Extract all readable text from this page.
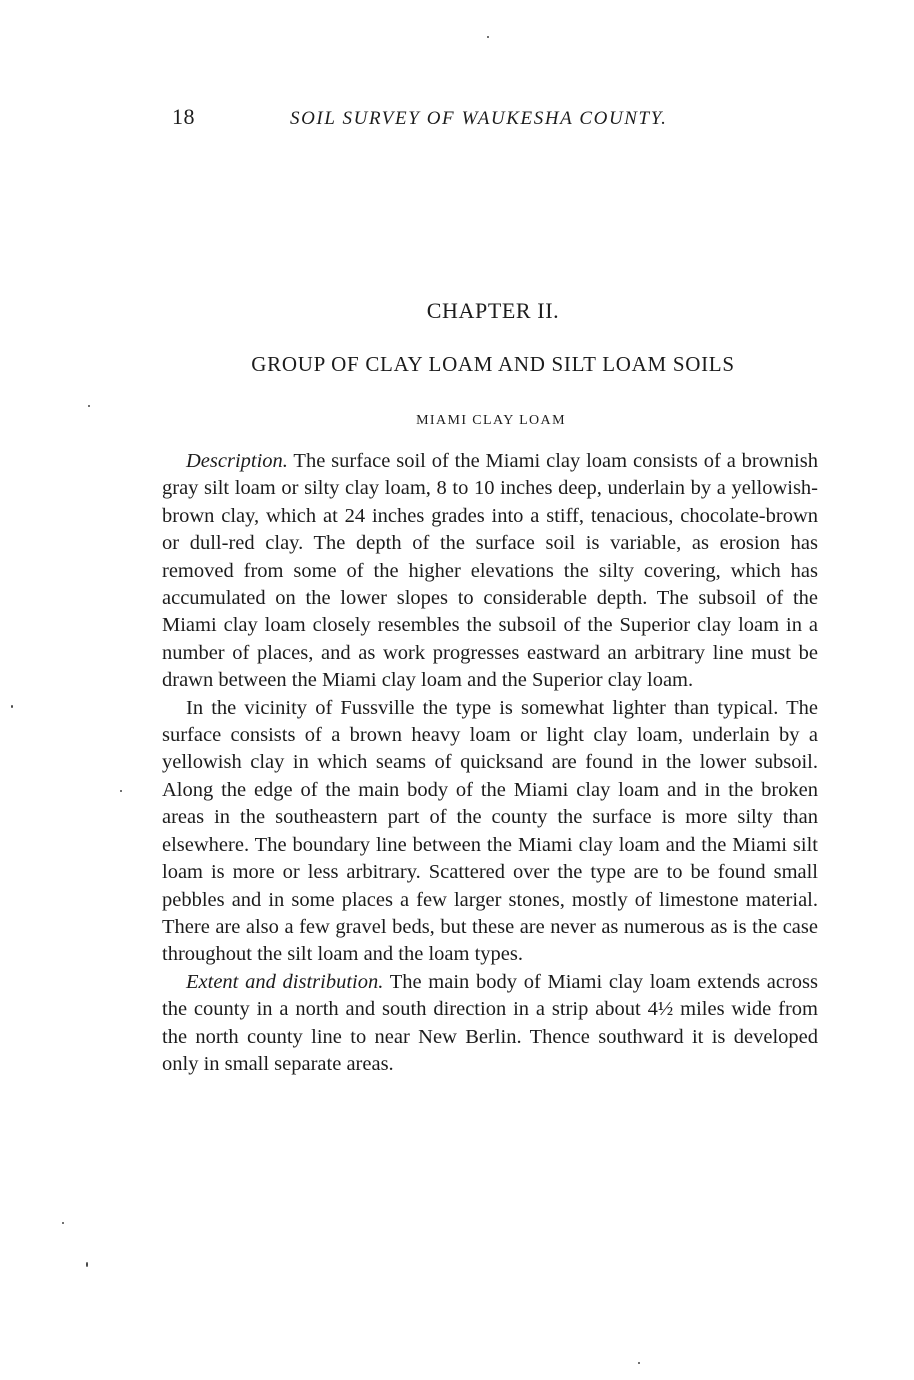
18	SOIL SURVEY OF WAUKESHA COUNTY.
CHAPTER II.
GROUP OF CLAY LOAM AND SILT LOAM SOILS
MIAMI CLAY LOAM

Description. The surface soil of the Miami clay loam consists of a brownish gray silt loam or silty clay loam, 8 to 10 inches deep, underlain by a yellowish-brown clay, which at 24 inches grades into a stiff, tenacious, chocolate-brown or dull-red clay. The depth of the surface soil is variable, as erosion has removed from some of the higher elevations the silty covering, which has accumulated on the lower slopes to considerable depth. The subsoil of the Miami clay loam closely resembles the subsoil of the Superior clay loam in a number of places, and as work progresses eastward an arbitrary line must be drawn between the Miami clay loam and the Superior clay loam.

In the vicinity of Fussville the type is somewhat lighter than typical. The surface consists of a brown heavy loam or light clay loam, underlain by a yellowish clay in which seams of quicksand are found in the lower subsoil. Along the edge of the main body of the Miami clay loam and in the broken areas in the southeastern part of the county the surface is more silty than elsewhere. The boundary line between the Miami clay loam and the Miami silt loam is more or less arbitrary. Scattered over the type are to be found small pebbles and in some places a few larger stones, mostly of limestone material. There are also a few gravel beds, but these are never as numerous as is the case throughout the silt loam and the loam types.

Extent and distribution. The main body of Miami clay loam extends across the county in a north and south direction in a strip about 4½ miles wide from the north county line to near New Berlin. Thence southward it is developed only in small separate areas.
